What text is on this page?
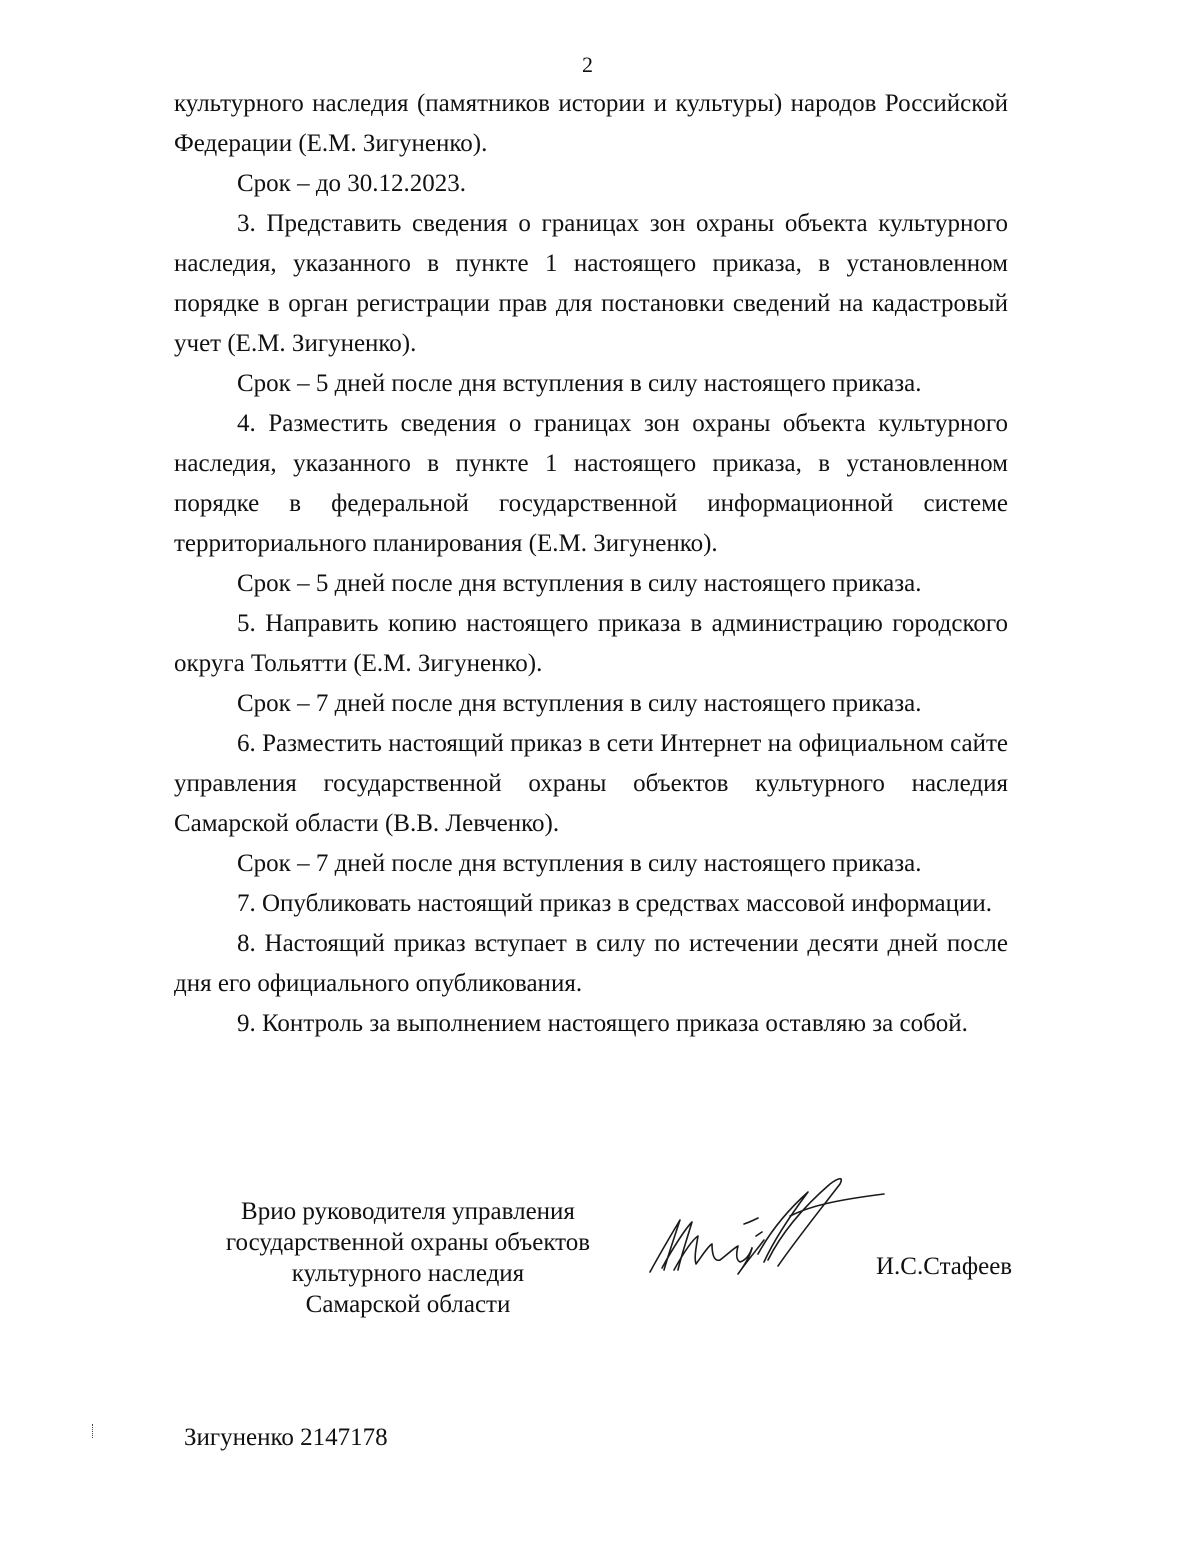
2

культурного наследия (памятников истории и культуры) народов Российской Федерации (Е.М. Зигуненко).

Срок – до 30.12.2023.

3. Представить сведения о границах зон охраны объекта культурного наследия, указанного в пункте 1 настоящего приказа, в установленном порядке в орган регистрации прав для постановки сведений на кадастровый учет (Е.М. Зигуненко).

Срок – 5 дней после дня вступления в силу настоящего приказа.

4. Разместить сведения о границах зон охраны объекта культурного наследия, указанного в пункте 1 настоящего приказа, в установленном порядке в федеральной государственной информационной системе территориального планирования (Е.М. Зигуненко).

Срок – 5 дней после дня вступления в силу настоящего приказа.

5. Направить копию настоящего приказа в администрацию городского округа Тольятти (Е.М. Зигуненко).

Срок – 7 дней после дня вступления в силу настоящего приказа.

6. Разместить настоящий приказ в сети Интернет на официальном сайте управления государственной охраны объектов культурного наследия Самарской области (В.В. Левченко).

Срок – 7 дней после дня вступления в силу настоящего приказа.

7. Опубликовать настоящий приказ в средствах массовой информации.

8. Настоящий приказ вступает в силу по истечении десяти дней после дня его официального опубликования.

9. Контроль за выполнением настоящего приказа оставляю за собой.

Врио руководителя управления
государственной охраны объектов
культурного наследия
Самарской области
И.С.Стафеев
Зигуненко 2147178
